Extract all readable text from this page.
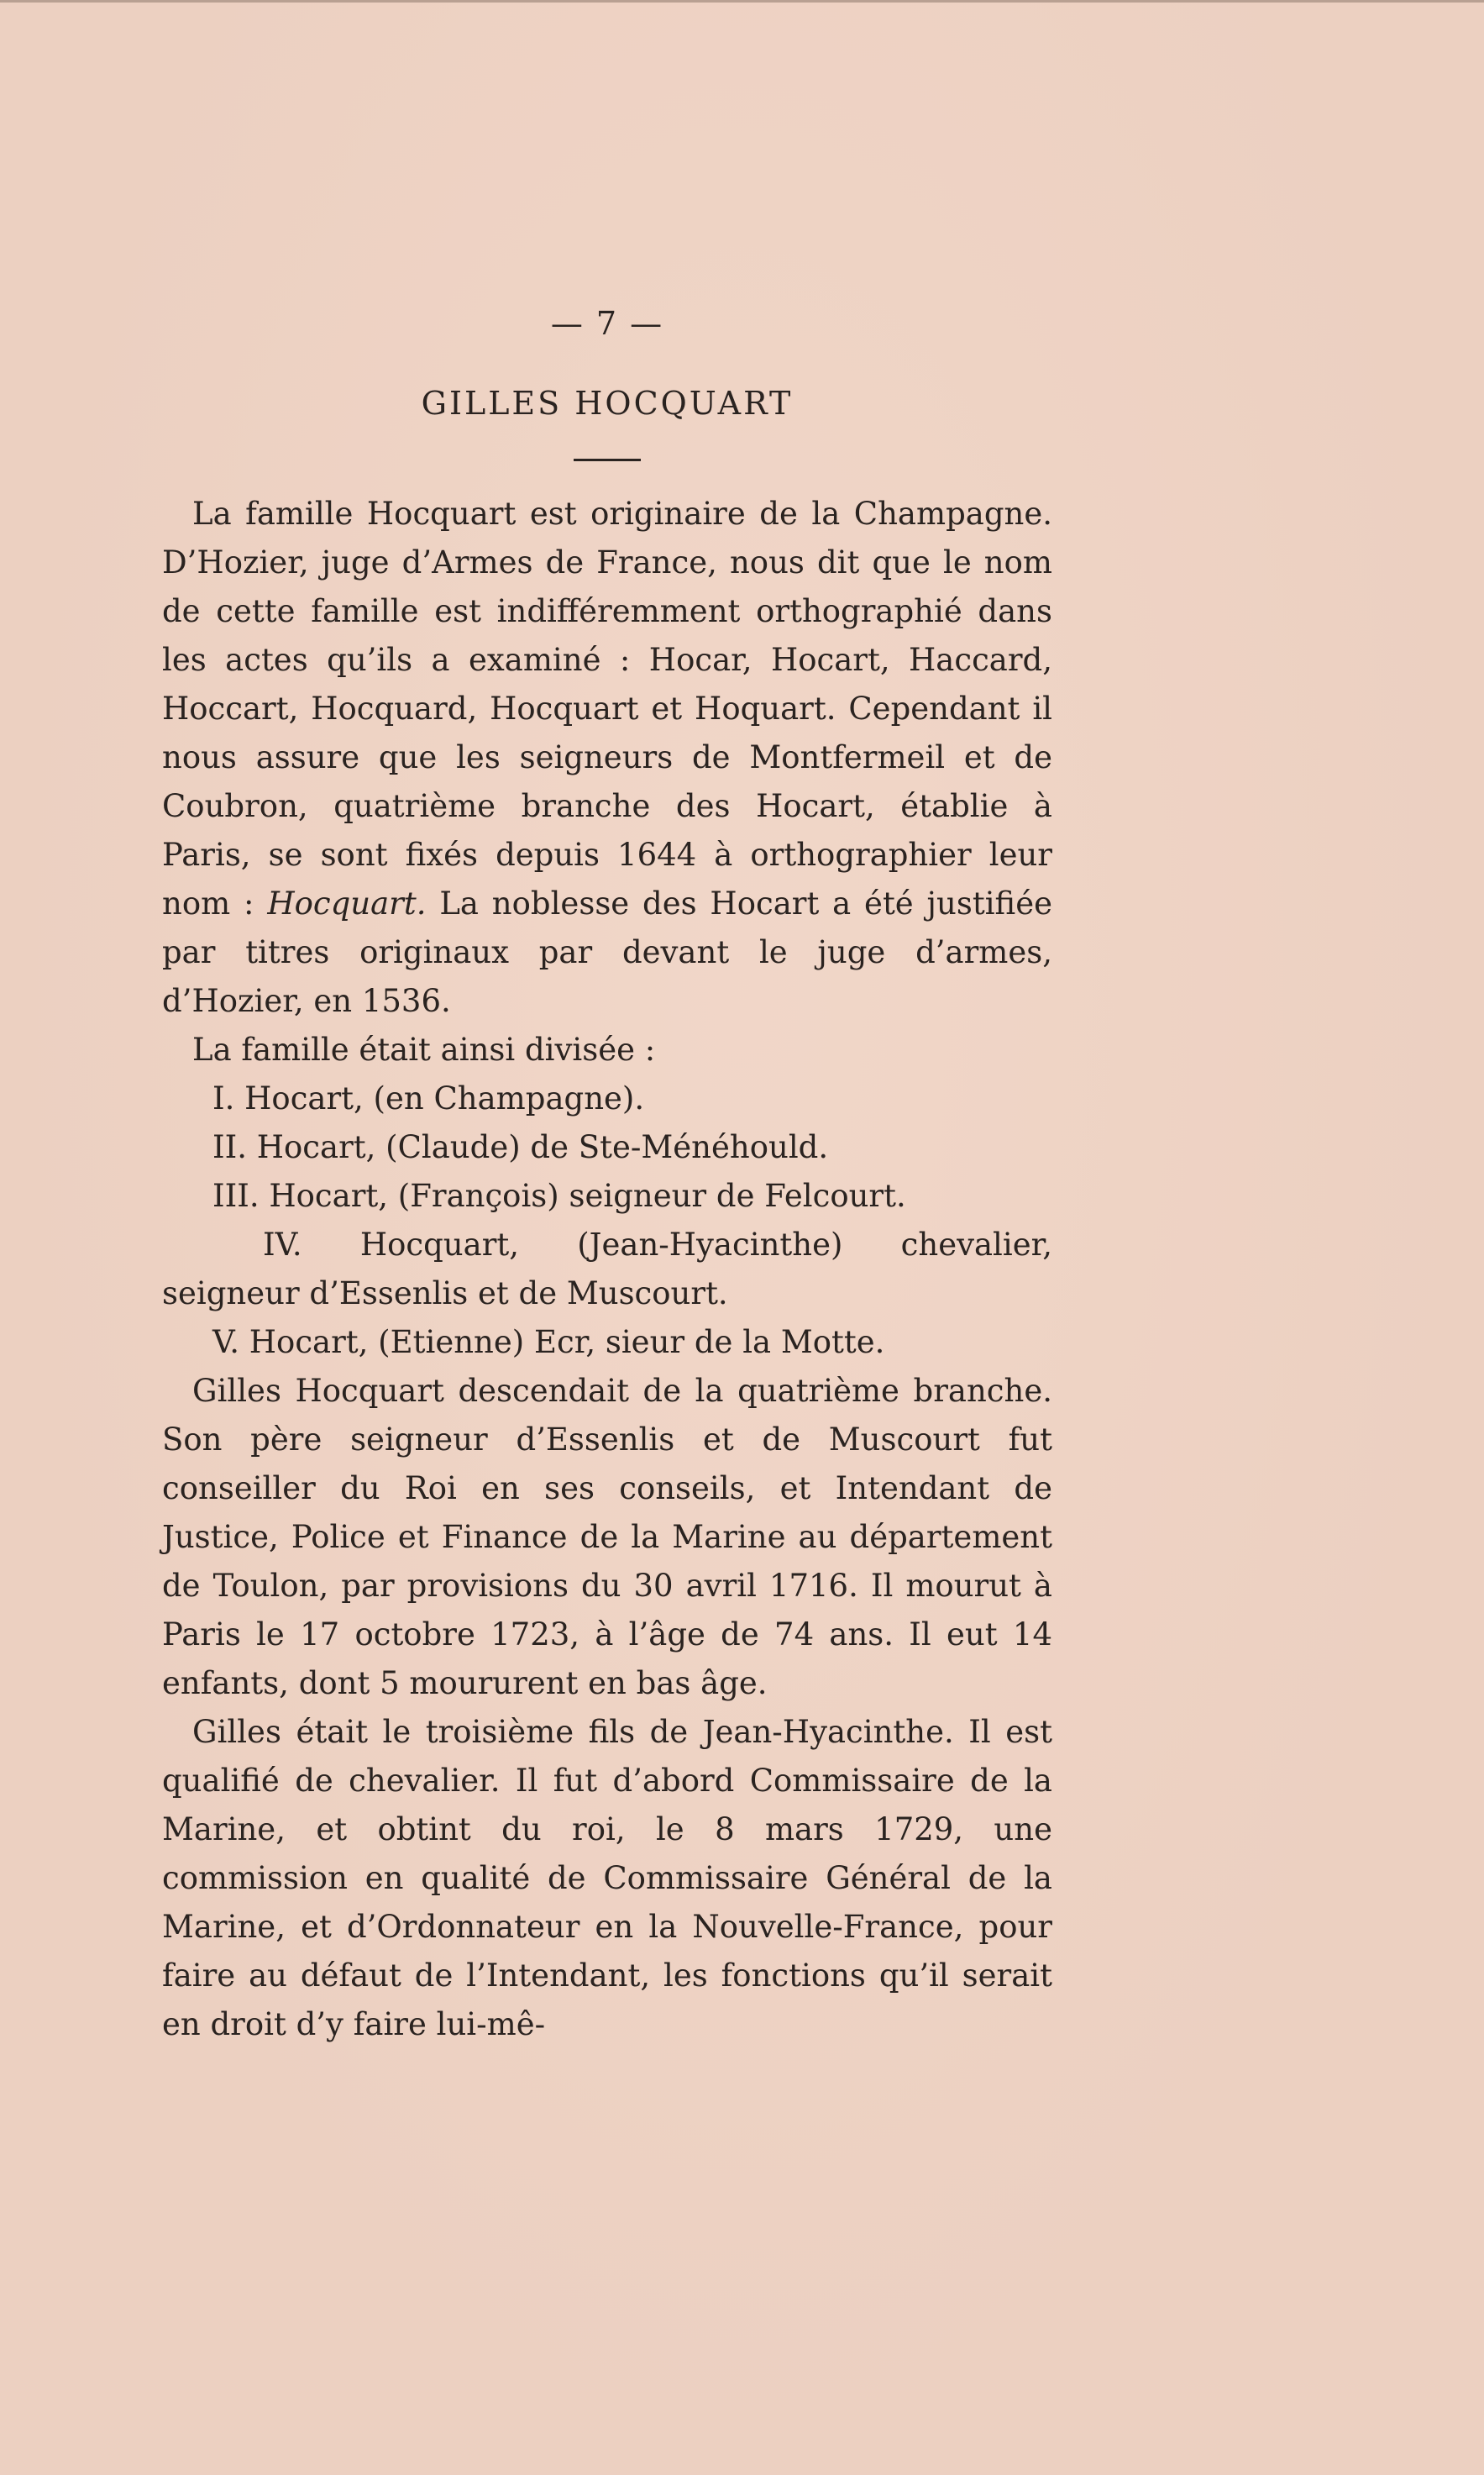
— 7 —
GILLES HOCQUART

La famille Hocquart est originaire de la Champagne. D’Hozier, juge d’Armes de France, nous dit que le nom de cette famille est indifféremment orthographié dans les actes qu’ils a examiné : Hocar, Hocart, Haccard, Hoccart, Hocquard, Hocquart et Hoquart. Cependant il nous assure que les seigneurs de Montfermeil et de Coubron, quatrième branche des Hocart, établie à Paris, se sont fixés depuis 1644 à orthographier leur nom : Hocquart. La noblesse des Hocart a été justifiée par titres originaux par devant le juge d’armes, d’Hozier, en 1536.

La famille était ainsi divisée :

I. Hocart, (en Champagne).

II. Hocart, (Claude) de Ste-Ménéhould.

III. Hocart, (François) seigneur de Felcourt.

IV. Hocquart, (Jean-Hyacinthe) chevalier, seigneur d’Essenlis et de Muscourt.

V. Hocart, (Etienne) Ecr, sieur de la Motte.

Gilles Hocquart descendait de la quatrième branche. Son père seigneur d’Essenlis et de Muscourt fut conseiller du Roi en ses conseils, et Intendant de Justice, Police et Finance de la Marine au département de Toulon, par provisions du 30 avril 1716. Il mourut à Paris le 17 octobre 1723, à l’âge de 74 ans. Il eut 14 enfants, dont 5 moururent en bas âge.

Gilles était le troisième fils de Jean-Hyacinthe. Il est qualifié de chevalier. Il fut d’abord Commissaire de la Marine, et obtint du roi, le 8 mars 1729, une commission en qualité de Commissaire Général de la Marine, et d’Ordonnateur en la Nouvelle-France, pour faire au défaut de l’Intendant, les fonctions qu’il serait en droit d’y faire lui-mê-
